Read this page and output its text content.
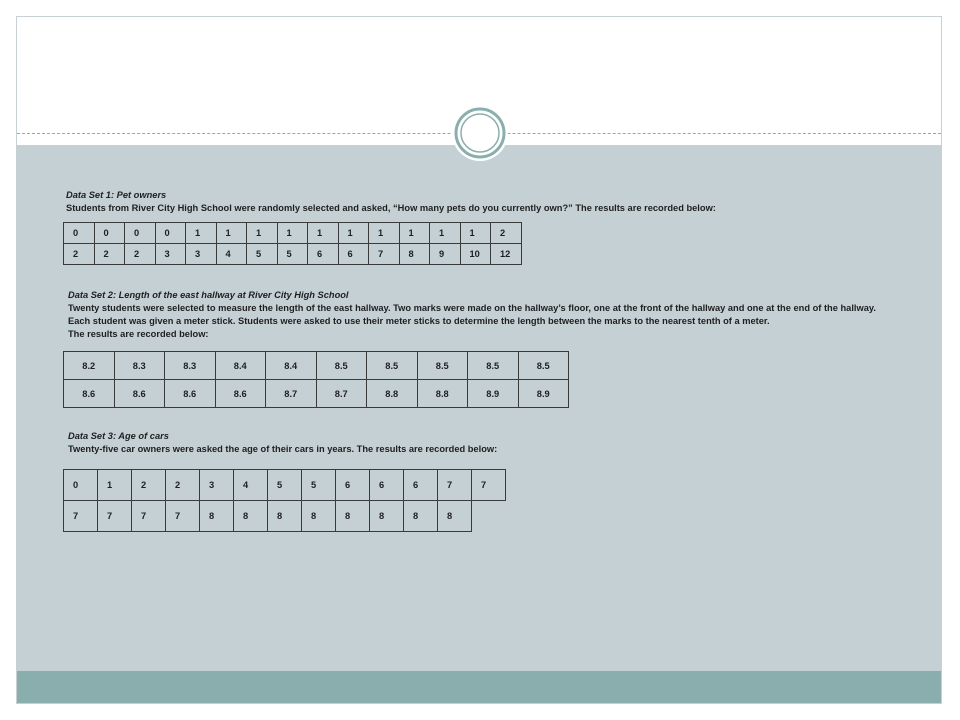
Data Set 1: Pet owners
Students from River City High School were randomly selected and asked, “How many pets do you currently own?” The results are recorded below:
0	0	0	0	1	1	1	1	1	1	1	1	1	1	2
2	2	2	3	3	4	5	5	6	6	7	8	9	10	12
Data Set 2: Length of the east hallway at River City High School
Twenty students were selected to measure the length of the east hallway. Two marks were made on the hallway’s floor, one at the front of the hallway and one at the end of the hallway.
Each student was given a meter stick. Students were asked to use their meter sticks to determine the length between the marks to the nearest tenth of a meter.
The results are recorded below:
8.2	8.3	8.3	8.4	8.4	8.5	8.5	8.5	8.5	8.5
8.6	8.6	8.6	8.6	8.7	8.7	8.8	8.8	8.9	8.9
Data Set 3: Age of cars
Twenty-five car owners were asked the age of their cars in years. The results are recorded below:
0	1	2	2	3	4	5	5	6	6	6	7	7
7	7	7	7	8	8	8	8	8	8	8	8	
